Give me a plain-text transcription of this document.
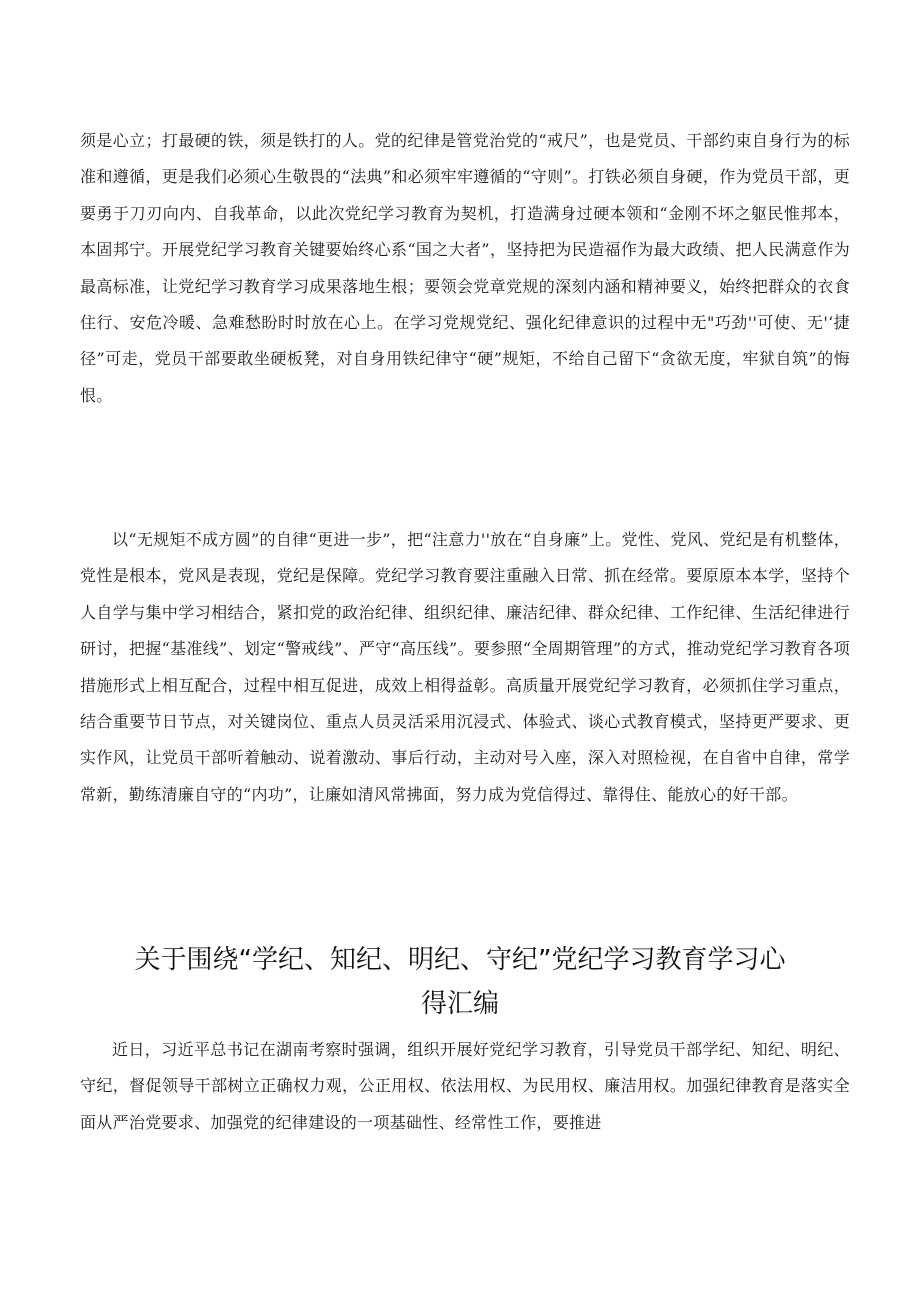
须是心立；打最硬的铁，须是铁打的人。党的纪律是管党治党的“戒尺”，也是党员、干部约束自身行为的标准和遵循，更是我们必须心生敬畏的“法典”和必须牢牢遵循的“守则”。打铁必须自身硬，作为党员干部，更要勇于刀刃向内、自我革命，以此次党纪学习教育为契机，打造满身过硬本领和“金刚不坏之躯民惟邦本，本固邦宁。开展党纪学习教育关键要始终心系“国之大者”，坚持把为民造福作为最大政绩、把人民满意作为最高标准，让党纪学习教育学习成果落地生根；要领会党章党规的深刻内涵和精神要义，始终把群众的衣食住行、安危冷暖、急难愁盼时时放在心上。在学习党规党纪、强化纪律意识的过程中无"巧劲''可使、无'‘捷径”可走，党员干部要敢坐硬板凳，对自身用铁纪律守“硬”规矩，不给自己留下“贪欲无度，牢狱自筑”的悔恨。

以“无规矩不成方圆”的自律“更进一步”，把“注意力''放在“自身廉”上。党性、党风、党纪是有机整体，党性是根本，党风是表现，党纪是保障。党纪学习教育要注重融入日常、抓在经常。要原原本本学，坚持个人自学与集中学习相结合，紧扣党的政治纪律、组织纪律、廉洁纪律、群众纪律、工作纪律、生活纪律进行研讨，把握“基准线”、划定“警戒线”、严守“高压线”。要参照“全周期管理”的方式，推动党纪学习教育各项措施形式上相互配合，过程中相互促进，成效上相得益彰。高质量开展党纪学习教育，必须抓住学习重点，结合重要节日节点，对关键岗位、重点人员灵活采用沉浸式、体验式、谈心式教育模式，坚持更严要求、更实作风，让党员干部听着触动、说着激动、事后行动，主动对号入座，深入对照检视，在自省中自律，常学常新，勤练清廉自守的“内功”，让廉如清风常拂面，努力成为党信得过、靠得住、能放心的好干部。

关于围绕“学纪、知纪、明纪、守纪”党纪学习教育学习心
得汇编

近日，习近平总书记在湖南考察时强调，组织开展好党纪学习教育，引导党员干部学纪、知纪、明纪、守纪，督促领导干部树立正确权力观，公正用权、依法用权、为民用权、廉洁用权。加强纪律教育是落实全面从严治党要求、加强党的纪律建设的一项基础性、经常性工作，要推进
